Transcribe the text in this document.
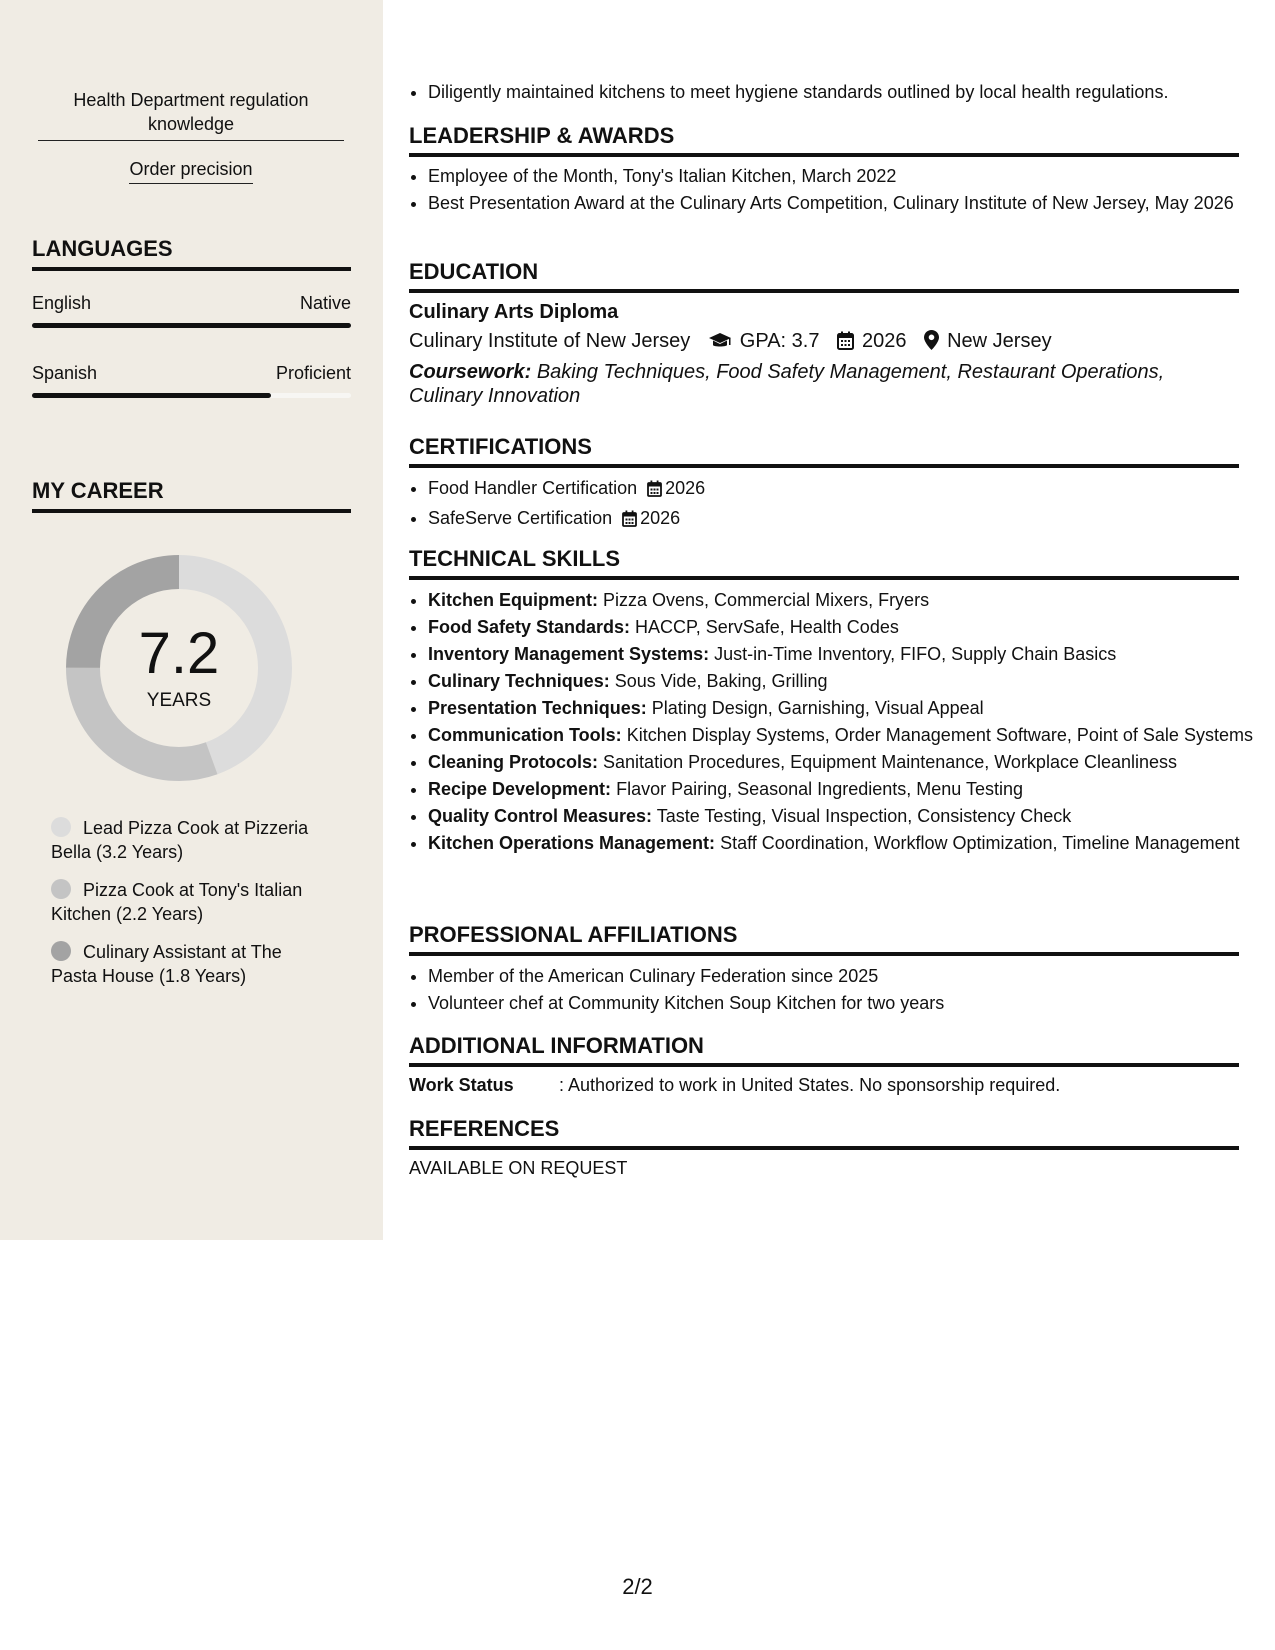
Health Department regulation knowledge
Order precision
LANGUAGES
English	Native
Spanish	Proficient
MY CAREER
7.2
YEARS
Lead Pizza Cook at Pizzeria Bella (3.2 Years)
Pizza Cook at Tony's Italian Kitchen (2.2 Years)
Culinary Assistant at The Pasta House (1.8 Years)
• Diligently maintained kitchens to meet hygiene standards outlined by local health regulations.
LEADERSHIP & AWARDS
• Employee of the Month, Tony's Italian Kitchen, March 2022
• Best Presentation Award at the Culinary Arts Competition, Culinary Institute of New Jersey, May 2026
EDUCATION
Culinary Arts Diploma
Culinary Institute of New Jersey GPA: 3.7 2026 New Jersey
Coursework: Baking Techniques, Food Safety Management, Restaurant Operations, Culinary Innovation
CERTIFICATIONS
• Food Handler Certification 2026
• SafeServe Certification 2026
TECHNICAL SKILLS
• Kitchen Equipment: Pizza Ovens, Commercial Mixers, Fryers
• Food Safety Standards: HACCP, ServSafe, Health Codes
• Inventory Management Systems: Just-in-Time Inventory, FIFO, Supply Chain Basics
• Culinary Techniques: Sous Vide, Baking, Grilling
• Presentation Techniques: Plating Design, Garnishing, Visual Appeal
• Communication Tools: Kitchen Display Systems, Order Management Software, Point of Sale Systems
• Cleaning Protocols: Sanitation Procedures, Equipment Maintenance, Workplace Cleanliness
• Recipe Development: Flavor Pairing, Seasonal Ingredients, Menu Testing
• Quality Control Measures: Taste Testing, Visual Inspection, Consistency Check
• Kitchen Operations Management: Staff Coordination, Workflow Optimization, Timeline Management
PROFESSIONAL AFFILIATIONS
• Member of the American Culinary Federation since 2025
• Volunteer chef at Community Kitchen Soup Kitchen for two years
ADDITIONAL INFORMATION
Work Status	: Authorized to work in United States. No sponsorship required.
REFERENCES
AVAILABLE ON REQUEST
2/2
